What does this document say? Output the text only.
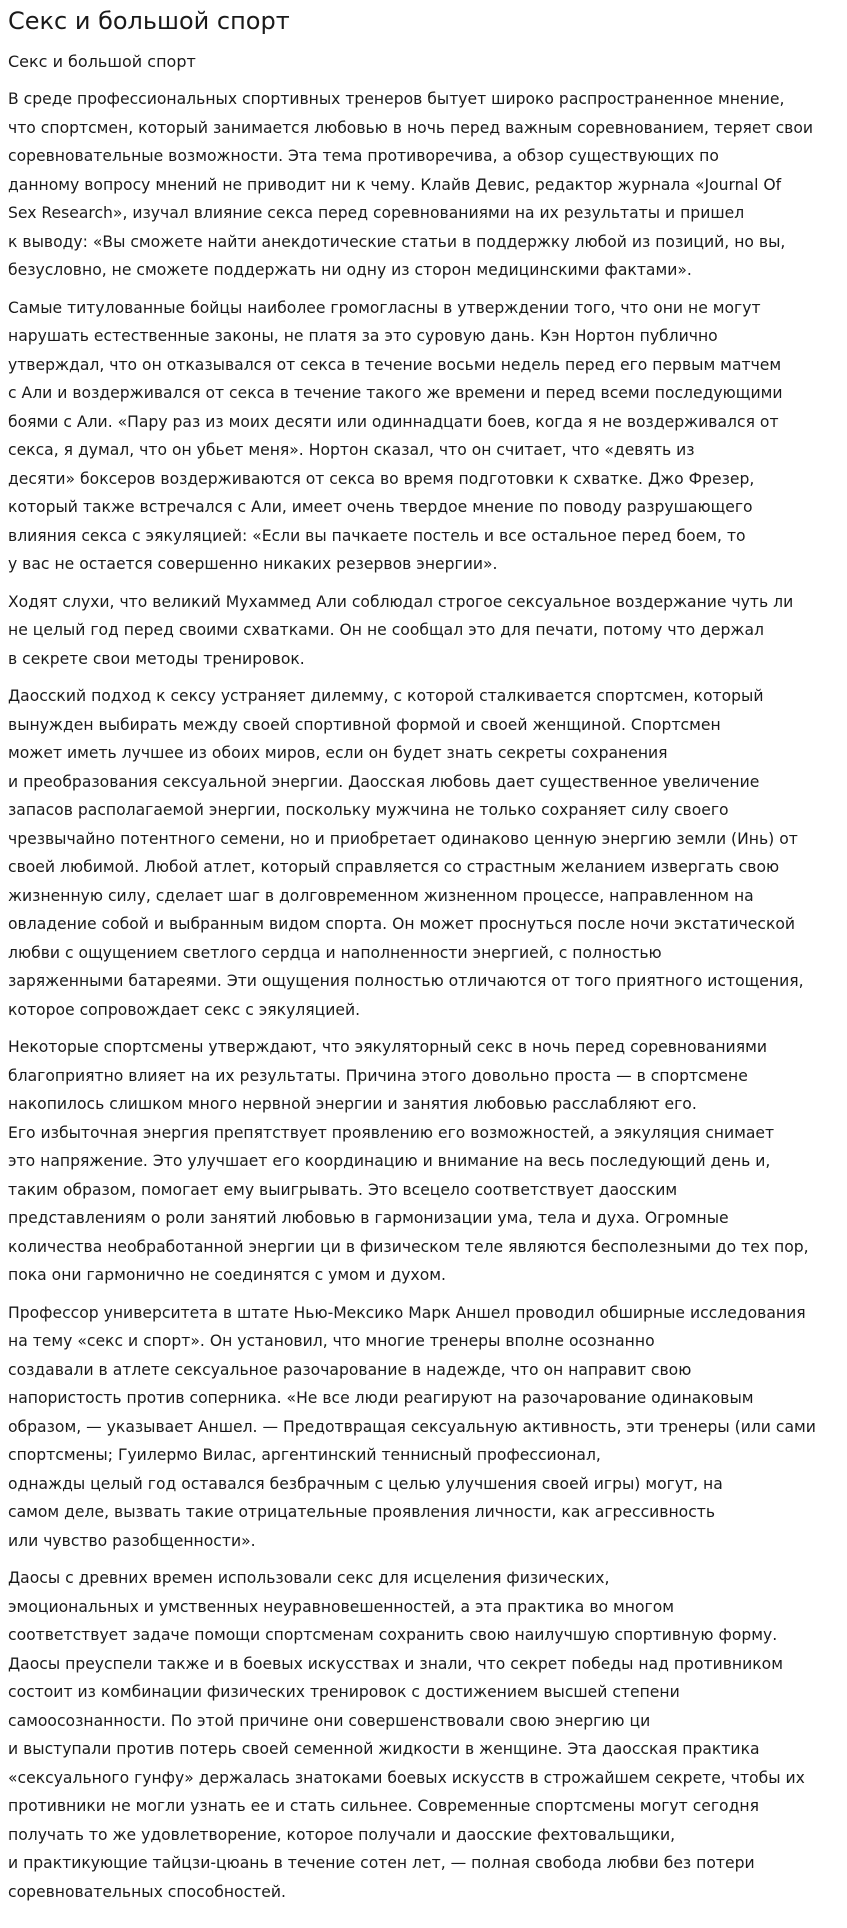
Секс и большой спорт
Секс и большой спорт

В среде профессиональных спортивных тренеров бытует широко распространенное мнение,
что спортсмен, который занимается любовью в ночь перед важным соревнованием, теряет свои
соревновательные возможности. Эта тема противоречива, а обзор существующих по
данному вопросу мнений не приводит ни к чему. Клайв Девис, редактор журнала «Journal Of
Sex Research», изучал влияние секса перед соревнованиями на их результаты и пришел
к выводу: «Вы сможете найти анекдотические статьи в поддержку любой из позиций, но вы,
безусловно, не сможете поддержать ни одну из сторон медицинскими фактами».

Самые титулованные бойцы наиболее громогласны в утверждении того, что они не могут
нарушать естественные законы, не платя за это суровую дань. Кэн Нортон публично
утверждал, что он отказывался от секса в течение восьми недель перед его первым матчем
с Али и воздерживался от секса в течение такого же времени и перед всеми последующими
боями с Али. «Пару раз из моих десяти или одиннадцати боев, когда я не воздерживался от
секса, я думал, что он убьет меня». Нортон сказал, что он считает, что «девять из
десяти» боксеров воздерживаются от секса во время подготовки к схватке. Джо Фрезер,
который также встречался с Али, имеет очень твердое мнение по поводу разрушающего
влияния секса с эякуляцией: «Если вы пачкаете постель и все остальное перед боем, то
у вас не остается совершенно никаких резервов энергии».

Ходят слухи, что великий Мухаммед Али соблюдал строгое сексуальное воздержание чуть ли
не целый год перед своими схватками. Он не сообщал это для печати, потому что держал
в секрете свои методы тренировок.

Даосский подход к сексу устраняет дилемму, с которой сталкивается спортсмен, который
вынужден выбирать между своей спортивной формой и своей женщиной. Спортсмен
может иметь лучшее из обоих миров, если он будет знать секреты сохранения
и преобразования сексуальной энергии. Даосская любовь дает существенное увеличение
запасов располагаемой энергии, поскольку мужчина не только сохраняет силу своего
чрезвычайно потентного семени, но и приобретает одинаково ценную энергию земли (Инь) от
своей любимой. Любой атлет, который справляется со страстным желанием извергать свою
жизненную силу, сделает шаг в долговременном жизненном процессе, направленном на
овладение собой и выбранным видом спорта. Он может проснуться после ночи экстатической
любви с ощущением светлого сердца и наполненности энергией, с полностью
заряженными батареями. Эти ощущения полностью отличаются от того приятного истощения,
которое сопровождает секс с эякуляцией.

Некоторые спортсмены утверждают, что эякуляторный секс в ночь перед соревнованиями
благоприятно влияет на их результаты. Причина этого довольно проста — в спортсмене
накопилось слишком много нервной энергии и занятия любовью расслабляют его.
Его избыточная энергия препятствует проявлению его возможностей, а эякуляция снимает
это напряжение. Это улучшает его координацию и внимание на весь последующий день и,
таким образом, помогает ему выигрывать. Это всецело соответствует даосским
представлениям о роли занятий любовью в гармонизации ума, тела и духа. Огромные
количества необработанной энергии ци в физическом теле являются бесполезными до тех пор,
пока они гармонично не соединятся с умом и духом.

Профессор университета в штате Нью-Мексико Марк Аншел проводил обширные исследования
на тему «секс и спорт». Он установил, что многие тренеры вполне осознанно
создавали в атлете сексуальное разочарование в надежде, что он направит свою
напористость против соперника. «Не все люди реагируют на разочарование одинаковым
образом, — указывает Аншел. — Предотвращая сексуальную активность, эти тренеры (или сами
спортсмены; Гуилермо Вилас, аргентинский теннисный профессионал,
однажды целый год оставался безбрачным с целью улучшения своей игры) могут, на
самом деле, вызвать такие отрицательные проявления личности, как агрессивность
или чувство разобщенности».

Даосы с древних времен использовали секс для исцеления физических,
эмоциональных и умственных неуравновешенностей, а эта практика во многом
соответствует задаче помощи спортсменам сохранить свою наилучшую спортивную форму.
Даосы преуспели также и в боевых искусствах и знали, что секрет победы над противником
состоит из комбинации физических тренировок с достижением высшей степени
самоосознанности. По этой причине они совершенствовали свою энергию ци
и выступали против потерь своей семенной жидкости в женщине. Эта даосская практика
«сексуального гунфу» держалась знатоками боевых искусств в строжайшем секрете, чтобы их
противники не могли узнать ее и стать сильнее. Современные спортсмены могут сегодня
получать то же удовлетворение, которое получали и даосские фехтовальщики,
и практикующие тайцзи-цюань в течение сотен лет, — полная свобода любви без потери
соревновательных способностей.
